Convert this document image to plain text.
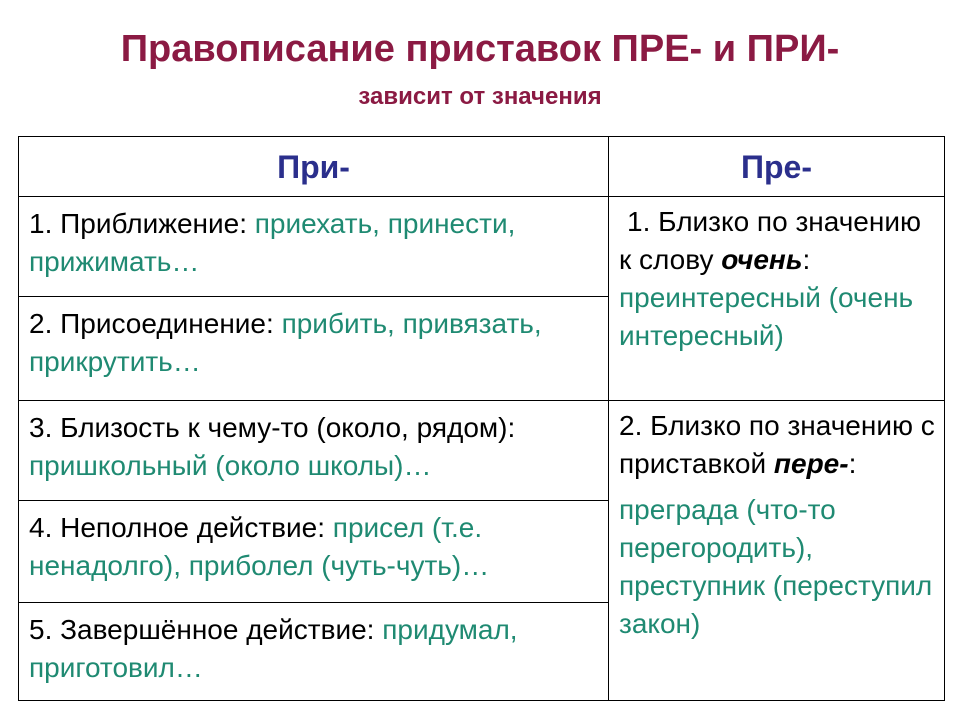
Правописание приставок ПРЕ- и ПРИ-
зависит от значения
При-	Пре-

1. Приближение: приехать, принести, прижимать…	1. Близко по значению к слову очень:
преинтересный (очень интересный)

2. Присоединение: прибить, привязать, прикрутить…	

3. Близость к чему-то (около, рядом): пришкольный (около школы)…	2. Близко по значению с приставкой пере-:
преграда (что-то перегородить), преступник (переступил закон)

4. Неполное действие: присел (т.е. ненадолго), приболел (чуть-чуть)…	

5. Завершённое действие: придумал, приготовил…	
